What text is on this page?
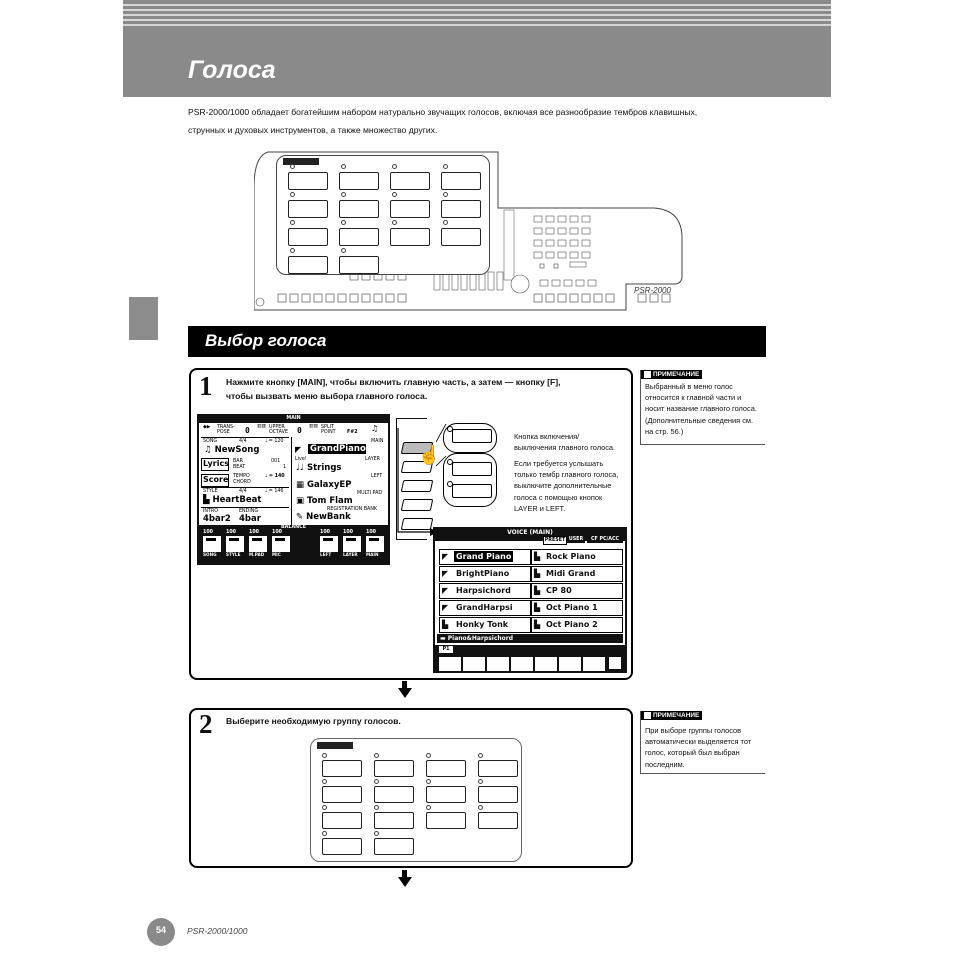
Голоса
PSR-2000/1000 обладает богатейшим набором натурально звучащих голосов, включая все разнообразие тембров клавишных,
струнных и духовых инструментов, а также множество других.
PSR-2000
Выбор голоса
1 Нажмите кнопку [MAIN], чтобы включить главную часть, а затем — кнопку [F],
чтобы вызвать меню выбора главного голоса.
MAIN
◆▶ TRANS-
POSE	0 ▥▥ UPPER
OCTAVE 0 ▥▥ SPLIT
POINT F#2 ♫
SONG	4/4	♩ = 120
♫ NewSong
Lyrics BAR	001
BEAT	1
Score TEMPO	♩ = 140
CHORD
STYLE	4/4	♩ = 146
▙ HeartBeat
INTRO	ENDING
4bar2 4bar
MAIN
◤ GrandPiano
Live!	LAYER
♩♩ Strings
LEFT
▦ GalaxyEP
MULTI PAD
▣ Tom Flam
REGISTRATION BANK
✎ NewBank
BALANCE
100
SONG
100
STYLE
100
M.PAD
100
MIC
100
LEFT
100
LAYER
100
MAIN
☝
Кнопка включения/
выключения главного голоса.
Если требуется услышать
только тембр главного голоса,
выключите дополнительные
голоса с помощью кнопок
LAYER и LEFT.
VOICE (MAIN)
PRESET USER	CF PC/ACC
◤ Grand Piano	▙ Rock Piano
◤ BrightPiano	▙ Midi Grand
◤ Harpsichord	▙ CP 80
◤ GrandHarpsi	▙ Oct Piano 1
▙ Honky Tonk	▙ Oct Piano 2
▬ Piano&Harpsichord
P1
ПРИМЕЧАНИЕ
Выбранный в меню голос
относится к главной части и
носит название главного голоса.
(Дополнительные сведения см.
на стр. 56.)
2 Выберите необходимую группу голосов.
ПРИМЕЧАНИЕ
При выборе группы голосов
автоматически выделяется тот
голос, который был выбран
последним.
54	PSR-2000/1000
